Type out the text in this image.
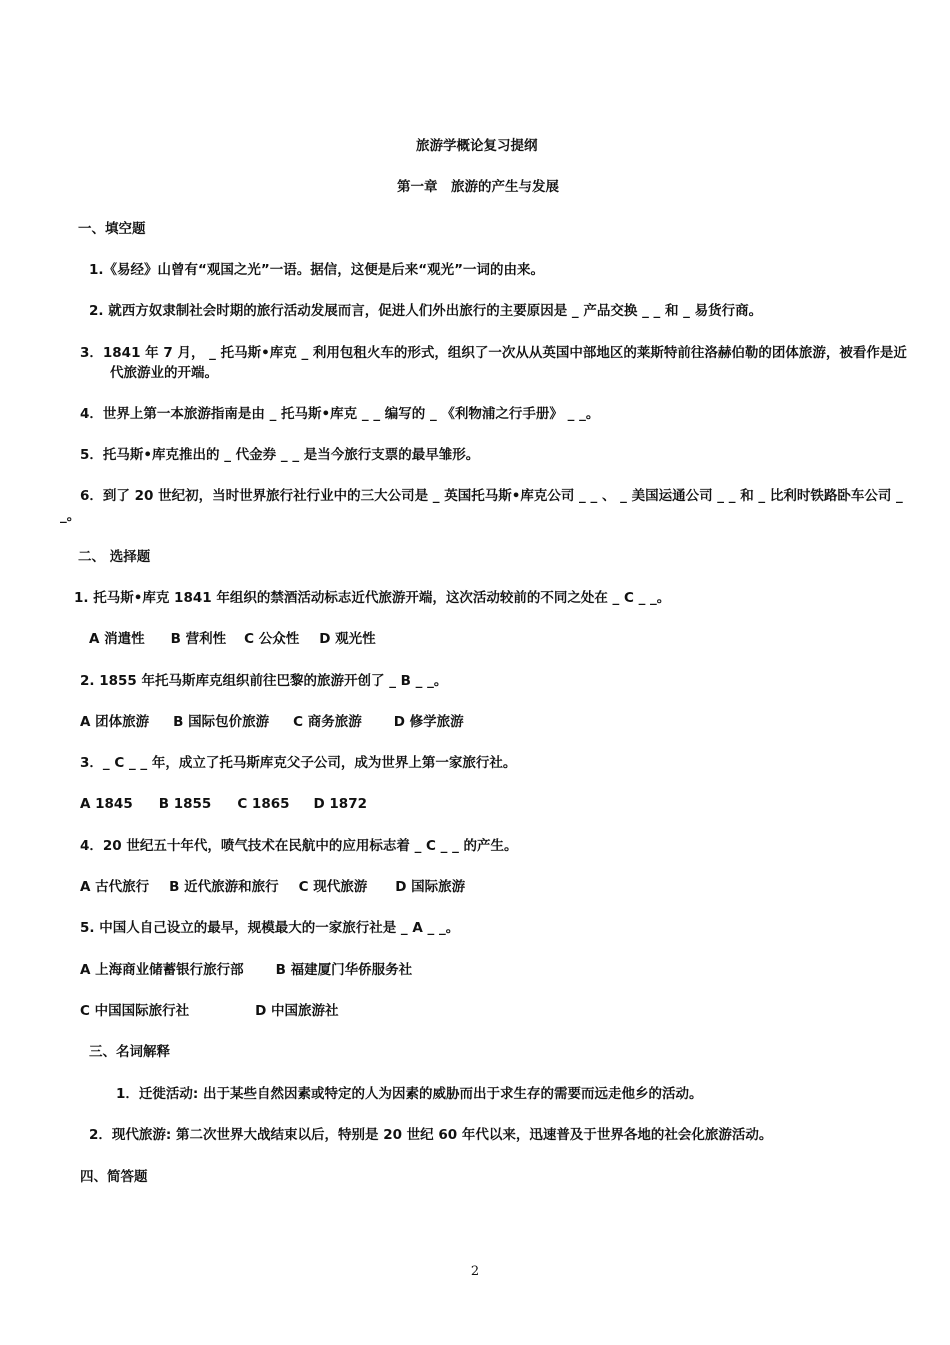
旅游学概论复习提纲
第一章　旅游的产生与发展
一、填空题
1.《易经》山曾有“观国之光”一语。据信，这便是后来“观光”一词的由来。
2. 就西方奴隶制社会时期的旅行活动发展而言，促进人们外出旅行的主要原因是 _ 产品交换 _ _ 和 _ 易货行商。
3．1841 年 7 月， _ 托马斯•库克 _ 利用包租火车的形式，组织了一次从从英国中部地区的莱斯特前往洛赫伯勒的团体旅游，被看作是近代旅游业的开端。
4．世界上第一本旅游指南是由 _ 托马斯•库克 _ _ 编写的 _ 《利物浦之行手册》 _ _。
5．托马斯•库克推出的 _ 代金券 _ _ 是当今旅行支票的最早雏形。
6．到了 20 世纪初，当时世界旅行社行业中的三大公司是 _ 英国托马斯•库克公司 _ _ 、 _ 美国运通公司 _ _ 和 _ 比利时铁路卧车公司 _ _。
二、 选择题
1. 托马斯•库克 1841 年组织的禁酒活动标志近代旅游开端，这次活动较前的不同之处在 _ C _ _。
A 消遣性 B 营利性 C 公众性 D 观光性
2. 1855 年托马斯库克组织前往巴黎的旅游开创了 _ B _ _。
A 团体旅游 B 国际包价旅游 C 商务旅游 D 修学旅游
3．_ C _ _ 年，成立了托马斯库克父子公司，成为世界上第一家旅行社。
A 1845 B 1855 C 1865 D 1872
4．20 世纪五十年代，喷气技术在民航中的应用标志着 _ C _ _ 的产生。
A 古代旅行 B 近代旅游和旅行 C 现代旅游 D 国际旅游
5. 中国人自己设立的最早，规模最大的一家旅行社是 _ A _ _。
A 上海商业储蓄银行旅行部 B 福建厦门华侨服务社
C 中国国际旅行社	D 中国旅游社
三、名词解释
1．迁徙活动: 出于某些自然因素或特定的人为因素的威胁而出于求生存的需要而远走他乡的活动。
2．现代旅游: 第二次世界大战结束以后，特别是 20 世纪 60 年代以来，迅速普及于世界各地的社会化旅游活动。
四、简答题
2
